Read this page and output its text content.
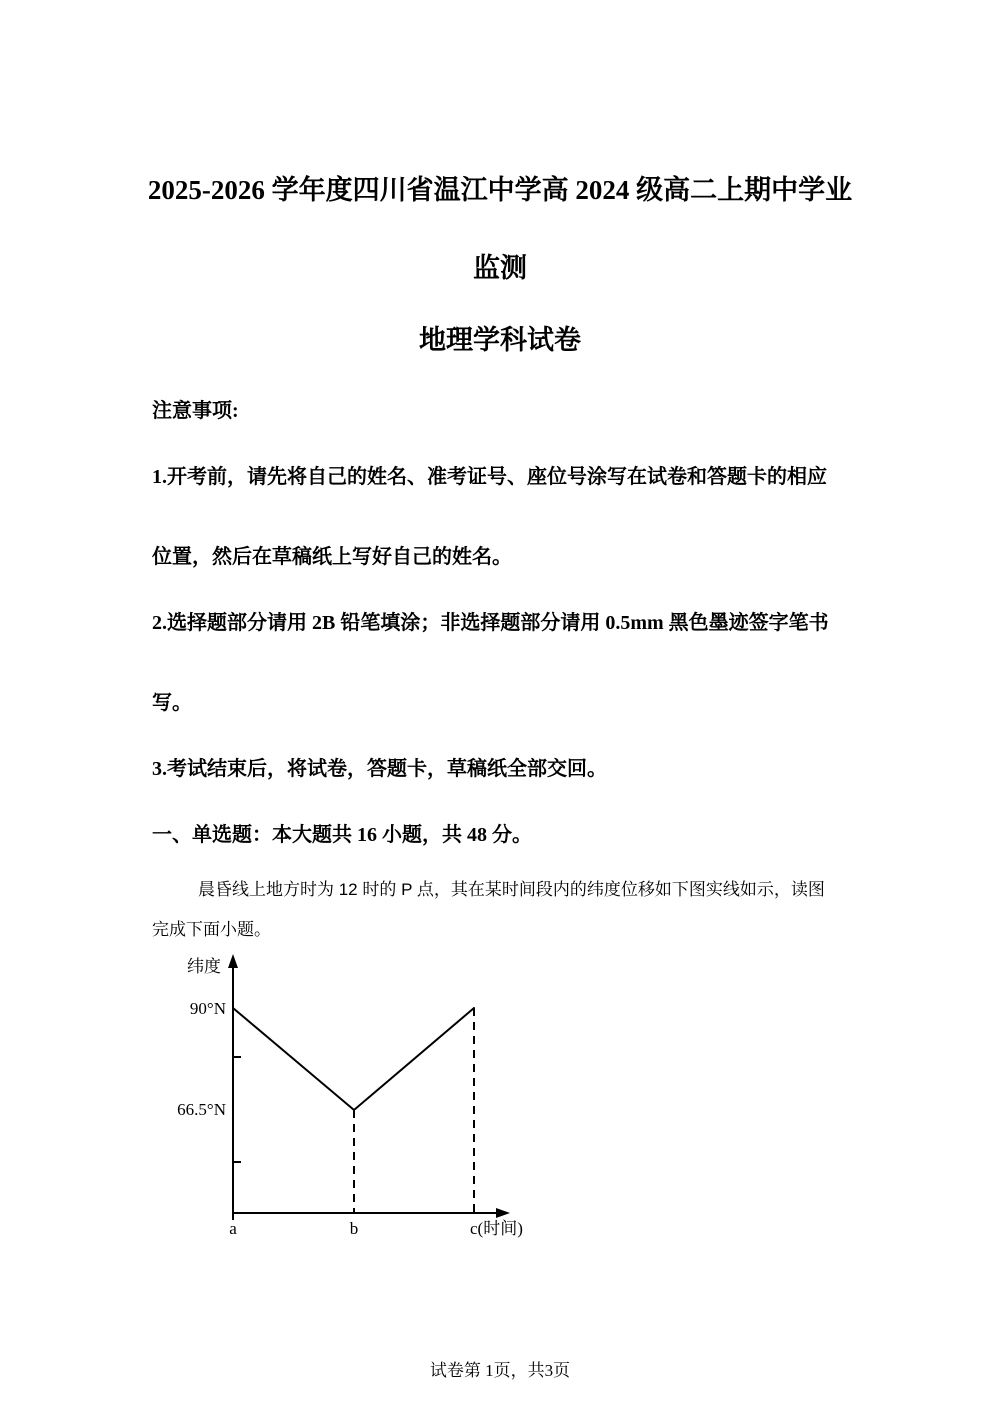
2025-2026 学年度四川省温江中学高 2024 级高二上期中学业
监测
地理学科试卷
注意事项:
1.开考前，请先将自己的姓名、准考证号、座位号涂写在试卷和答题卡的相应
位置，然后在草稿纸上写好自己的姓名。
2.选择题部分请用 2B 铅笔填涂；非选择题部分请用 0.5mm 黑色墨迹签字笔书
写。
3.考试结束后，将试卷，答题卡，草稿纸全部交回。
一、单选题：本大题共 16 小题，共 48 分。
晨昏线上地方时为 12 时的 P 点，其在某时间段内的纬度位移如下图实线如示，读图
完成下面小题。
纬度
90°N
66.5°N
a	b	c(时间)
试卷第 1页，共3页
